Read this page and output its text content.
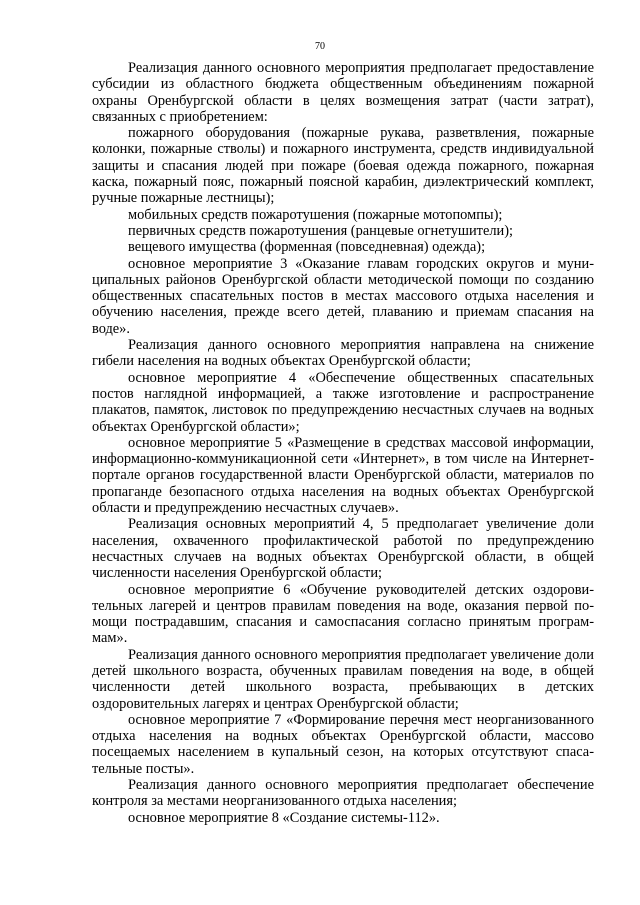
70

Реализация данного основного мероприятия предполагает предоставление субсидии из областного бюджета общественным объединениям пожарной охраны Оренбургской области в целях возмещения затрат (части затрат), связанных с приобретением:

пожарного оборудования (пожарные рукава, разветвления, пожарные колонки, пожарные стволы) и пожарного инструмента, средств индивидуальной защиты и спасания людей при пожаре (боевая одежда пожарного, пожарная каска, пожарный пояс, пожарный поясной карабин, диэлектрический комплект, ручные пожарные лестницы);

мобильных средств пожаротушения (пожарные мотопомпы);

первичных средств пожаротушения (ранцевые огнетушители);

вещевого имущества (форменная (повседневная) одежда);

основное мероприятие 3 «Оказание главам городских округов и муниципальных районов Оренбургской области методической помощи по созданию общественных спасательных постов в местах массового отдыха населения и обучению населения, прежде всего детей, плаванию и приемам спасания на воде».

Реализация данного основного мероприятия направлена на снижение гибели населения на водных объектах Оренбургской области;

основное мероприятие 4 «Обеспечение общественных спасательных постов наглядной информацией, а также изготовление и распространение плакатов, памяток, листовок по предупреждению несчастных случаев на водных объектах Оренбургской области»;

основное мероприятие 5 «Размещение в средствах массовой информации, информационно-коммуникационной сети «Интернет», в том числе на Интернет-портале органов государственной власти Оренбургской области, материалов по пропаганде безопасного отдыха населения на водных объектах Оренбургской области и предупреждению несчастных случаев».

Реализация основных мероприятий 4, 5 предполагает увеличение доли населения, охваченного профилактической работой по предупреждению несчастных случаев на водных объектах Оренбургской области, в общей численности населения Оренбургской области;

основное мероприятие 6 «Обучение руководителей детских оздоровительных лагерей и центров правилам поведения на воде, оказания первой помощи пострадавшим, спасания и самоспасания согласно принятым программам».

Реализация данного основного мероприятия предполагает увеличение доли детей школьного возраста, обученных правилам поведения на воде, в общей численности детей школьного возраста, пребывающих в детских оздоровительных лагерях и центрах Оренбургской области;

основное мероприятие 7 «Формирование перечня мест неорганизованного отдыха населения на водных объектах Оренбургской области, массово посещаемых населением в купальный сезон, на которых отсутствуют спасательные посты».

Реализация данного основного мероприятия предполагает обеспечение контроля за местами неорганизованного отдыха населения;

основное мероприятие 8 «Создание системы-112».
